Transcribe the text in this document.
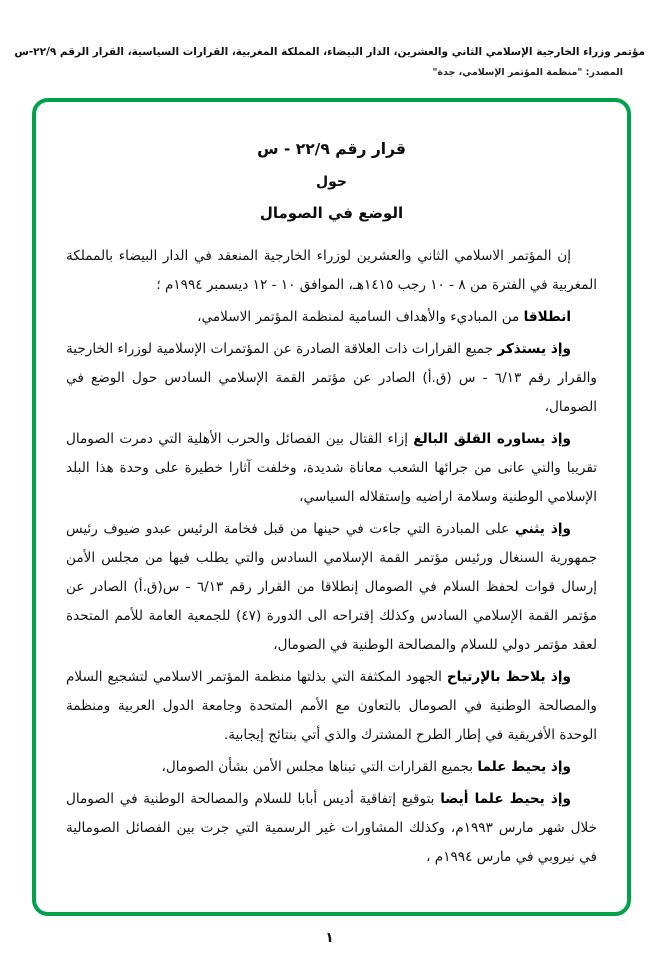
مؤتمر وزراء الخارجية الإسلامي الثاني والعشرين، الدار البيضاء، المملكة المغربية، القرارات السياسية، القرار الرقم ٢٢/٩-س
المصدر: "منظمة المؤتمر الإسلامي، جدة"
قرار رقم ٢٢/٩ - س
حول
الوضع في الصومال

إن المؤتمر الاسلامي الثاني والعشرين لوزراء الخارجية المنعقد في الدار البيضاء بالمملكة المغربية في الفترة من ٨ - ١٠ رجب ١٤١٥هـ، الموافق ١٠ - ١٢ ديسمبر ١٩٩٤م ؛

انطلاقا من المباديء والأهداف السامية لمنظمة المؤتمر الاسلامي،

وإذ يستذكر جميع القرارات ذات العلاقة الصادرة عن المؤتمرات الإسلامية لوزراء الخارجية والقرار رقم ٦/١٣ - س (ق.أ) الصادر عن مؤتمر القمة الإسلامي السادس حول الوضع في الصومال،

وإذ يساوره القلق البالغ إزاء القتال بين الفصائل والحرب الأهلية التي دمرت الصومال تقريبا والتي عانى من جرائها الشعب معاناة شديدة، وخلفت آثارا خطيرة على وحدة هذا البلد الإسلامي الوطنية وسلامة اراضيه وإستقلاله السياسي،

وإذ يثني على المبادرة التي جاءت في حينها من قبل فخامة الرئيس عبدو ضيوف رئيس جمهورية السنغال ورئيس مؤتمر القمة الإسلامي السادس والتي يطلب فيها من مجلس الأمن إرسال قوات لحفظ السلام في الصومال إنطلاقا من القرار رقم ٦/١٣ - س(ق.أ) الصادر عن مؤتمر القمة الإسلامي السادس وكذلك إقتراحه الى الدورة (٤٧) للجمعية العامة للأمم المتحدة لعقد مؤتمر دولي للسلام والمصالحة الوطنية في الصومال،

وإذ يلاحظ بالإرتياح الجهود المكثفة التي بذلتها منظمة المؤتمر الاسلامي لتشجيع السلام والمصالحة الوطنية في الصومال بالتعاون مع الأمم المتحدة وجامعة الدول العربية ومنظمة الوحدة الأفريقية في إطار الطرح المشترك والذي أتي بنتائج إيجابية.

وإذ يحيط علما بجميع القرارات التي تبناها مجلس الأمن بشأن الصومال،

وإذ يحيط علما أيضا بتوقيع إتفاقية أديس أبابا للسلام والمصالحة الوطنية في الصومال خلال شهر مارس ١٩٩٣م، وكذلك المشاورات غير الرسمية التي جرت بين الفصائل الصومالية في نيروبي في مارس ١٩٩٤م ،

١
